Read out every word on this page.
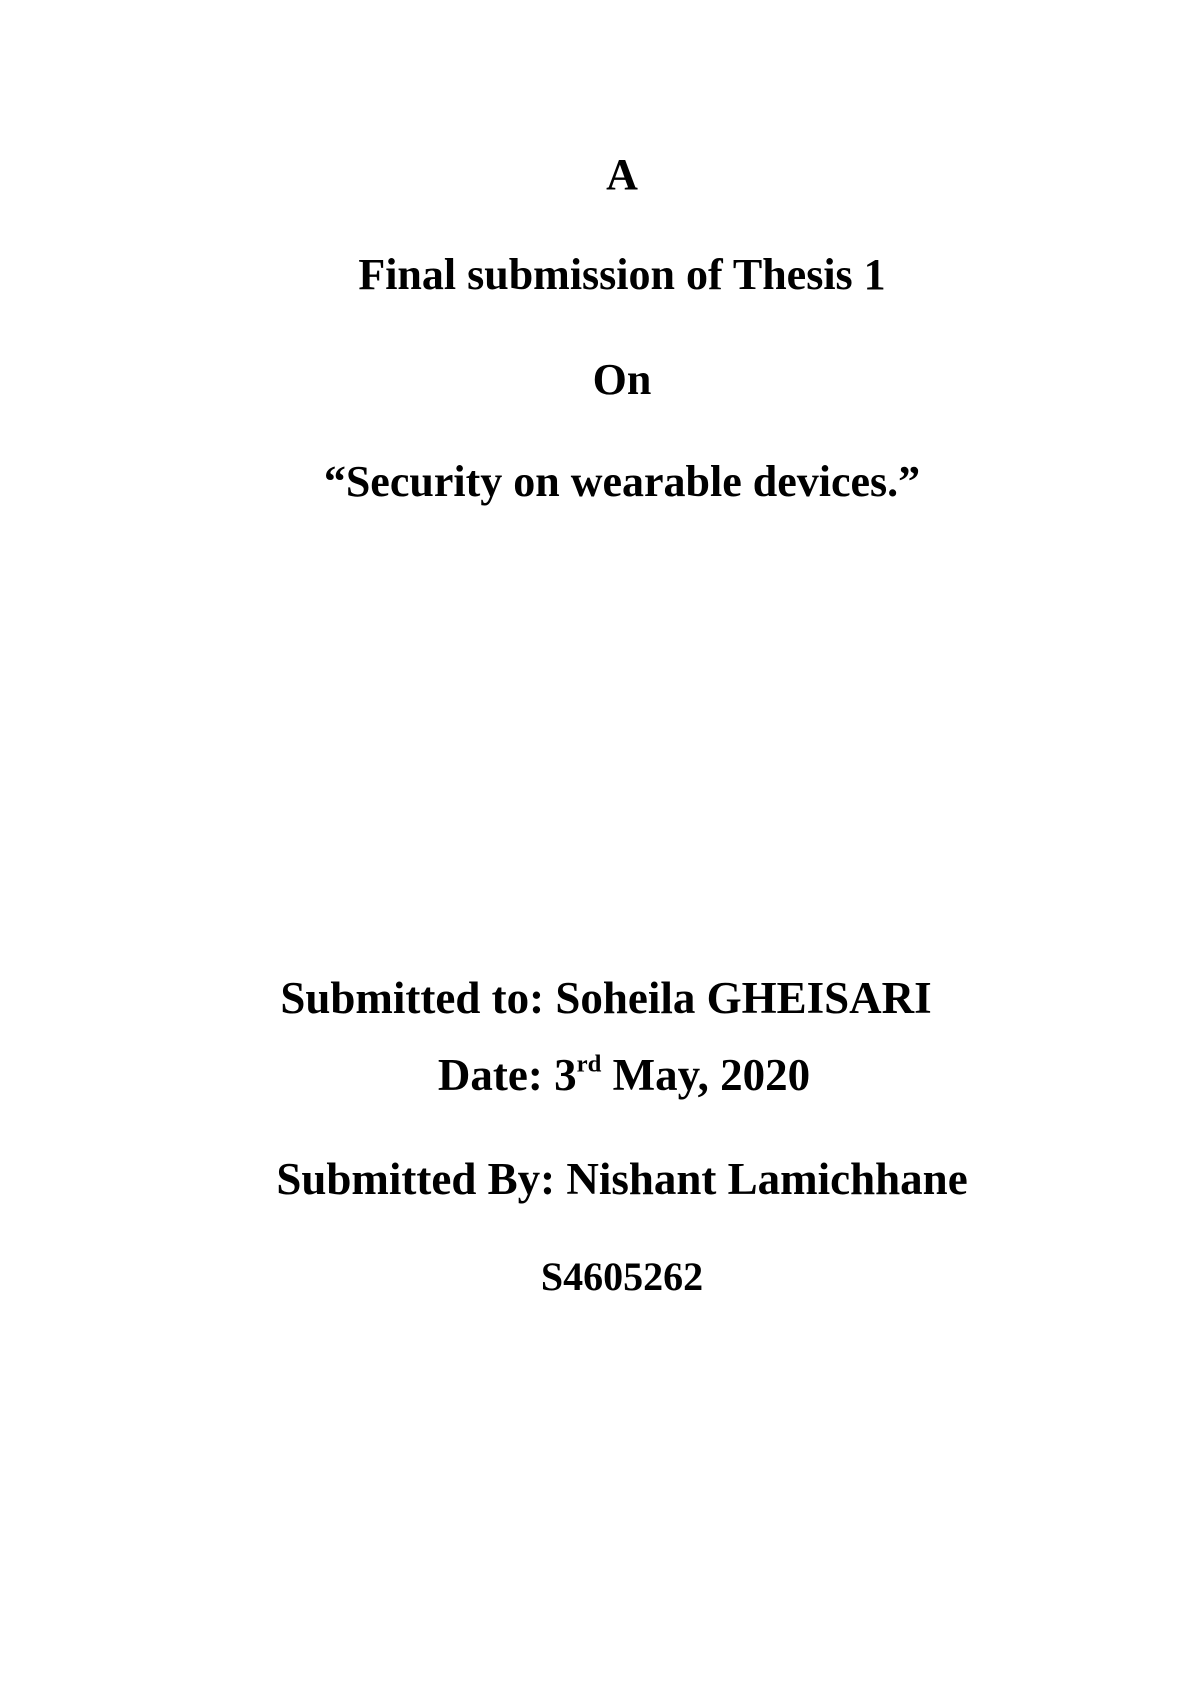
A
Final submission of Thesis 1
On
“Security on wearable devices.”
Submitted to: Soheila GHEISARI
Date: 3rd May, 2020
Submitted By: Nishant Lamichhane
S4605262
